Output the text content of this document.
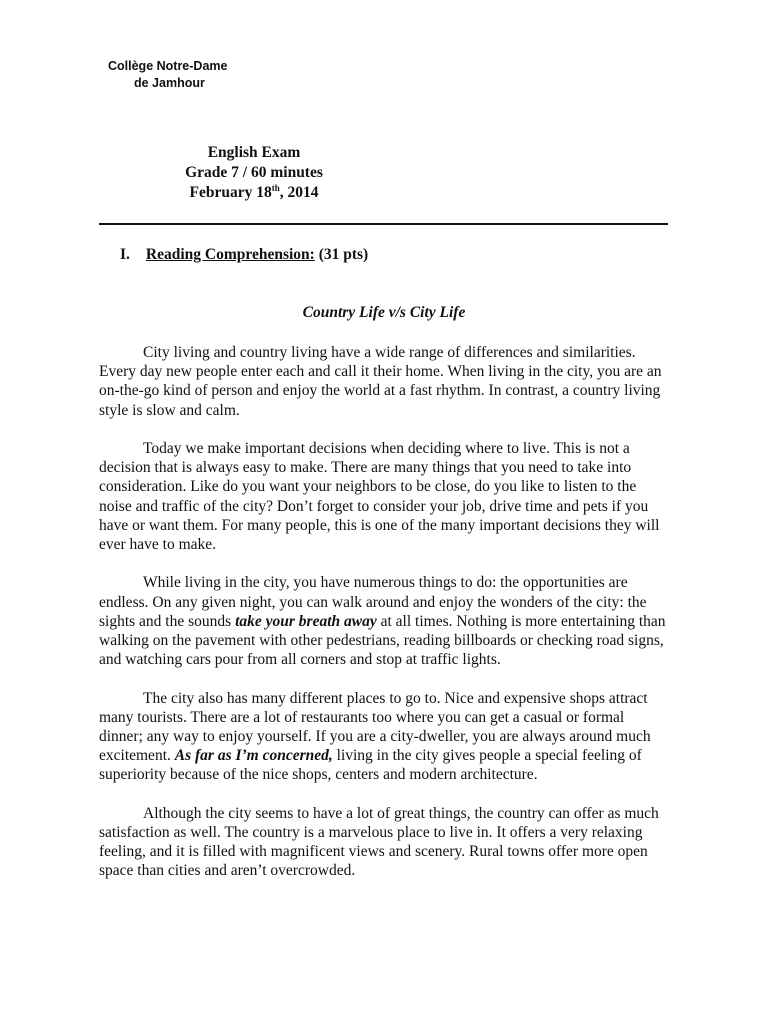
Collège Notre-Dame
de Jamhour
English Exam
Grade 7 / 60 minutes
February 18th, 2014
I. Reading Comprehension: (31 pts)
Country Life v/s City Life

City living and country living have a wide range of differences and similarities. Every day new people enter each and call it their home. When living in the city, you are an on-the-go kind of person and enjoy the world at a fast rhythm. In contrast, a country living style is slow and calm.

Today we make important decisions when deciding where to live. This is not a decision that is always easy to make. There are many things that you need to take into consideration. Like do you want your neighbors to be close, do you like to listen to the noise and traffic of the city? Don’t forget to consider your job, drive time and pets if you have or want them. For many people, this is one of the many important decisions they will ever have to make.

While living in the city, you have numerous things to do: the opportunities are endless. On any given night, you can walk around and enjoy the wonders of the city: the sights and the sounds take your breath away at all times. Nothing is more entertaining than walking on the pavement with other pedestrians, reading billboards or checking road signs, and watching cars pour from all corners and stop at traffic lights.

The city also has many different places to go to. Nice and expensive shops attract many tourists. There are a lot of restaurants too where you can get a casual or formal dinner; any way to enjoy yourself. If you are a city-dweller, you are always around much excitement. As far as I’m concerned, living in the city gives people a special feeling of superiority because of the nice shops, centers and modern architecture.

Although the city seems to have a lot of great things, the country can offer as much satisfaction as well. The country is a marvelous place to live in. It offers a very relaxing feeling, and it is filled with magnificent views and scenery. Rural towns offer more open space than cities and aren’t overcrowded.
